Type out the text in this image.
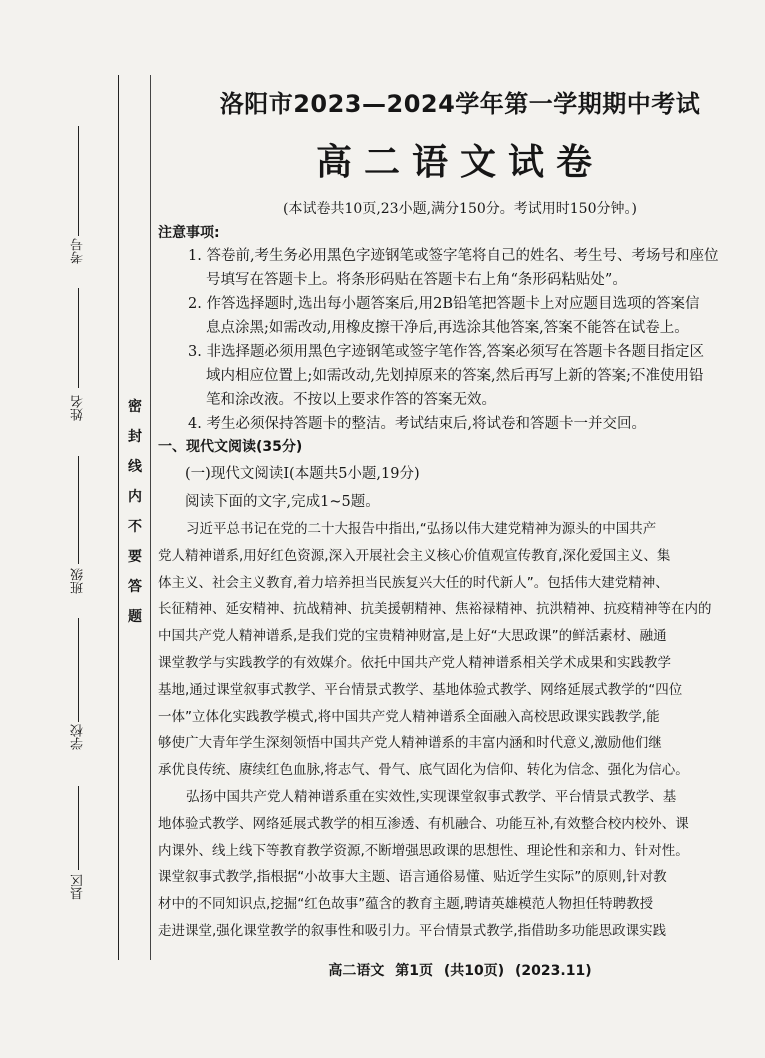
考号
姓名
班级
学校
县区
密
封
线
内
不
要
答
题
洛阳市2023—2024学年第一学期期中考试
高二语文试卷
(本试卷共10页,23小题,满分150分。考试用时150分钟。)
注意事项:
1. 答卷前,考生务必用黑色字迹钢笔或签字笔将自己的姓名、考生号、考场号和座位
号填写在答题卡上。将条形码贴在答题卡右上角“条形码粘贴处”。
2. 作答选择题时,选出每小题答案后,用2B铅笔把答题卡上对应题目选项的答案信
息点涂黑;如需改动,用橡皮擦干净后,再选涂其他答案,答案不能答在试卷上。
3. 非选择题必须用黑色字迹钢笔或签字笔作答,答案必须写在答题卡各题目指定区
域内相应位置上;如需改动,先划掉原来的答案,然后再写上新的答案;不准使用铅
笔和涂改液。不按以上要求作答的答案无效。
4. 考生必须保持答题卡的整洁。考试结束后,将试卷和答题卡一并交回。
一、现代文阅读(35分)
(一)现代文阅读Ⅰ(本题共5小题,19分)
阅读下面的文字,完成1~5题。
习近平总书记在党的二十大报告中指出,“弘扬以伟大建党精神为源头的中国共产
党人精神谱系,用好红色资源,深入开展社会主义核心价值观宣传教育,深化爱国主义、集
体主义、社会主义教育,着力培养担当民族复兴大任的时代新人”。包括伟大建党精神、
长征精神、延安精神、抗战精神、抗美援朝精神、焦裕禄精神、抗洪精神、抗疫精神等在内的
中国共产党人精神谱系,是我们党的宝贵精神财富,是上好“大思政课”的鲜活素材、融通
课堂教学与实践教学的有效媒介。依托中国共产党人精神谱系相关学术成果和实践教学
基地,通过课堂叙事式教学、平台情景式教学、基地体验式教学、网络延展式教学的“四位
一体”立体化实践教学模式,将中国共产党人精神谱系全面融入高校思政课实践教学,能
够使广大青年学生深刻领悟中国共产党人精神谱系的丰富内涵和时代意义,激励他们继
承优良传统、赓续红色血脉,将志气、骨气、底气固化为信仰、转化为信念、强化为信心。
弘扬中国共产党人精神谱系重在实效性,实现课堂叙事式教学、平台情景式教学、基
地体验式教学、网络延展式教学的相互渗透、有机融合、功能互补,有效整合校内校外、课
内课外、线上线下等教育教学资源,不断增强思政课的思想性、理论性和亲和力、针对性。
课堂叙事式教学,指根据“小故事大主题、语言通俗易懂、贴近学生实际”的原则,针对教
材中的不同知识点,挖掘“红色故事”蕴含的教育主题,聘请英雄模范人物担任特聘教授
走进课堂,强化课堂教学的叙事性和吸引力。平台情景式教学,指借助多功能思政课实践
高二语文 第1页 (共10页) (2023.11)
